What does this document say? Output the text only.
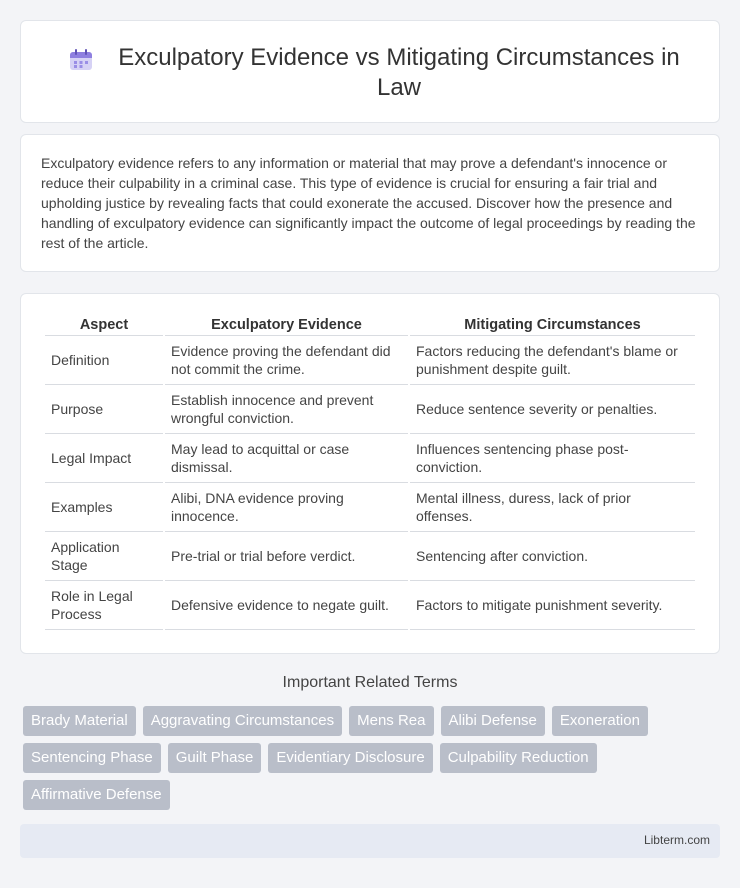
Exculpatory Evidence vs Mitigating Circumstances in Law

Exculpatory evidence refers to any information or material that may prove a defendant's innocence or reduce their culpability in a criminal case. This type of evidence is crucial for ensuring a fair trial and upholding justice by revealing facts that could exonerate the accused. Discover how the presence and handling of exculpatory evidence can significantly impact the outcome of legal proceedings by reading the rest of the article.

Aspect	Exculpatory Evidence	Mitigating Circumstances
Definition	Evidence proving the defendant did not commit the crime.	Factors reducing the defendant's blame or punishment despite guilt.
Purpose	Establish innocence and prevent wrongful conviction.	Reduce sentence severity or penalties.
Legal Impact	May lead to acquittal or case dismissal.	Influences sentencing phase post-conviction.
Examples	Alibi, DNA evidence proving innocence.	Mental illness, duress, lack of prior offenses.
Application Stage	Pre-trial or trial before verdict.	Sentencing after conviction.
Role in Legal Process	Defensive evidence to negate guilt.	Factors to mitigate punishment severity.
Important Related Terms
Brady Material	Aggravating Circumstances	Mens Rea	Alibi Defense	Exoneration
Sentencing Phase	Guilt Phase	Evidentiary Disclosure	Culpability Reduction
Affirmative Defense
Libterm.com
